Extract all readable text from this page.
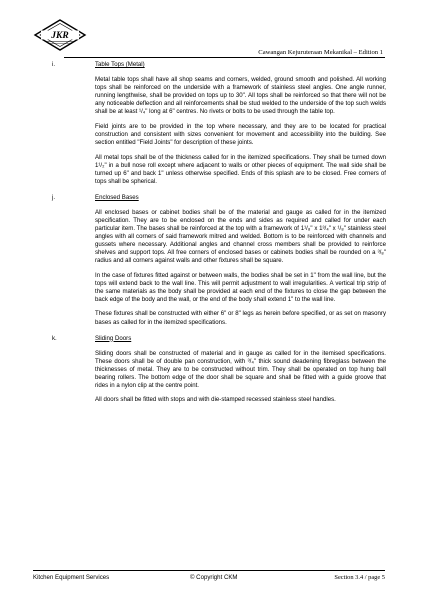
JKR
Cawangan Kejuruteraan Mekanikal – Edition 1
i.	Table Tops (Metal)

Metal table tops shall have all shop seams and corners, welded, ground smooth and polished. All working tops shall be reinforced on the underside with a framework of stainless steel angles. One angle runner, running lengthwise, shall be provided on tops up to 30". All tops shall be reinforced so that there will not be any noticeable deflection and all reinforcements shall be stud welded to the underside of the top such welds shall be at least ¹/₄" long at 6" centres. No rivets or bolts to be used through the table top.

Field joints are to be provided in the top where necessary, and they are to be located for practical construction and consistent with sizes convenient for movement and accessibility into the building. See section entitled "Field Joints" for description of these joints.

All metal tops shall be of the thickness called for in the itemized specifications. They shall be turned down 1¹/₂" in a bull nose roll except where adjacent to walls or other pieces of equipment. The wall side shall be turned up 6" and back 1" unless otherwise specified. Ends of this splash are to be closed. Free corners of tops shall be spherical.

j.	Enclosed Bases

All enclosed bases or cabinet bodies shall be of the material and gauge as called for in the itemized specification. They are to be enclosed on the ends and sides as required and called for under each particular item. The bases shall be reinforced at the top with a framework of 1¹/₈" x 1³/₄" x ¹/₈" stainless steel angles with all corners of said framework mitred and welded. Bottom is to be reinforced with channels and gussets where necessary. Additional angles and channel cross members shall be provided to reinforce shelves and support tops. All free corners of enclosed bases or cabinets bodies shall be rounded on a ³/₈" radius and all corners against walls and other fixtures shall be square.

In the case of fixtures fitted against or between walls, the bodies shall be set in 1" from the wall line, but the tops will extend back to the wall line. This will permit adjustment to wall irregularities. A vertical trip strip of the same materials as the body shall be provided at each end of the fixtures to close the gap between the back edge of the body and the wall, or the end of the body shall extend 1" to the wall line.

These fixtures shall be constructed with either 6" or 8" legs as herein before specified, or as set on masonry bases as called for in the itemized specifications.

k.	Sliding Doors

Sliding doors shall be constructed of material and in gauge as called for in the itemised specifications. These doors shall be of double pan construction, with ³/₄" thick sound deadening fibreglass between the thicknesses of metal. They are to be constructed without trim. They shall be operated on top hung ball bearing rollers. The bottom edge of the door shall be square and shall be fitted with a guide groove that rides in a nylon clip at the centre point.

All doors shall be fitted with stops and with die-stamped recessed stainless steel handles.

Kitchen Equipment Services	© Copyright CKM	Section 3.4 / page 5
